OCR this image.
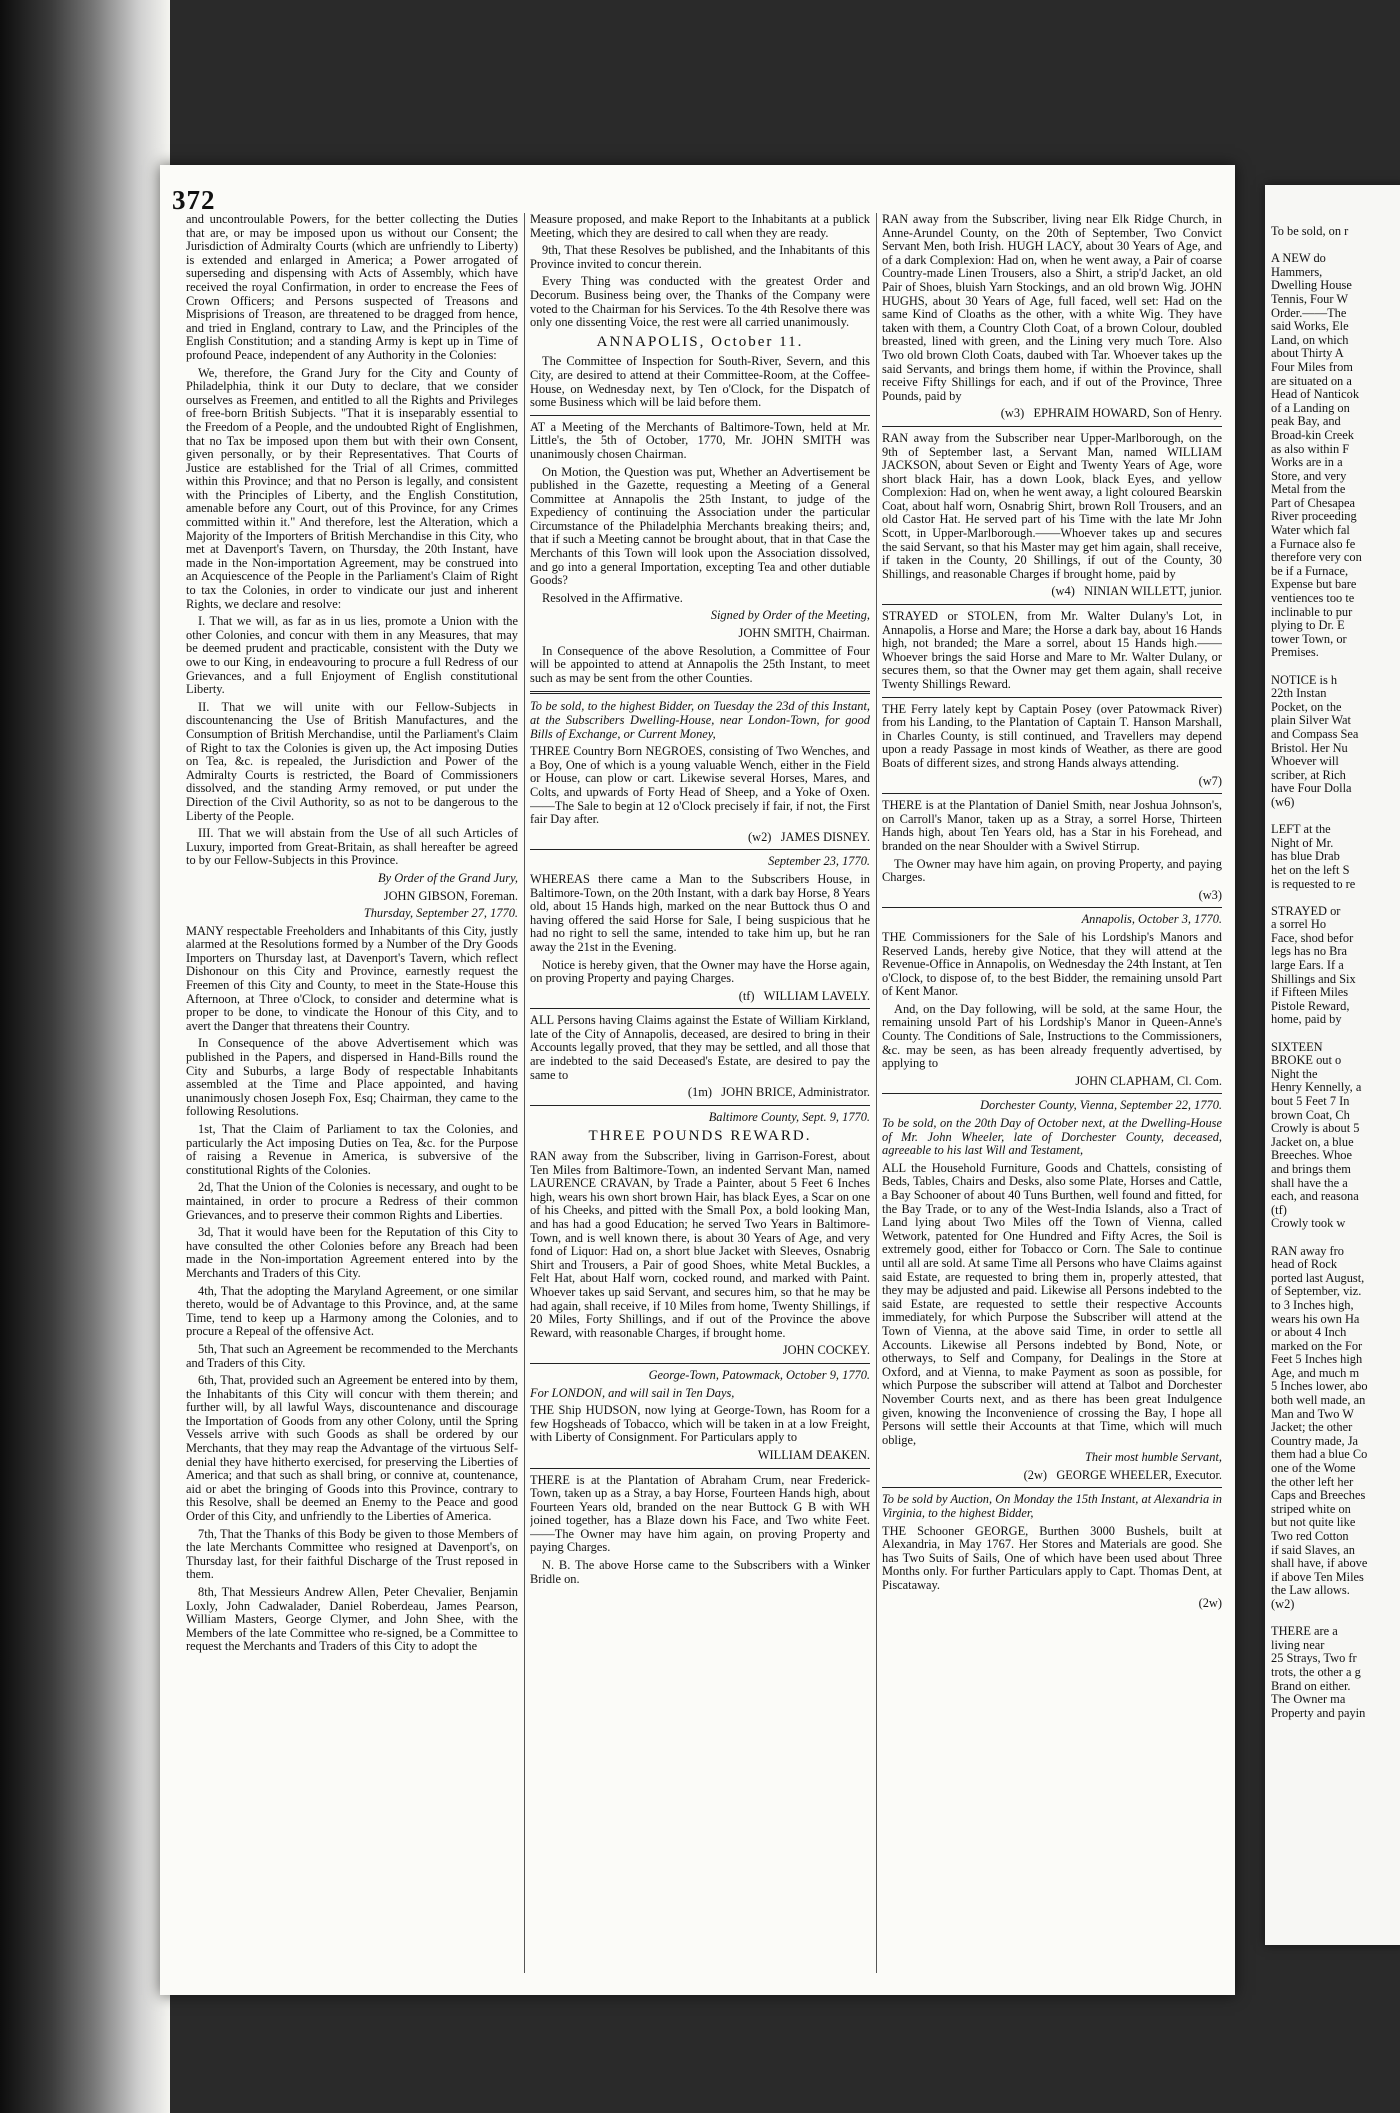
372

and uncontroulable Powers, for the better collecting the Duties that are, or may be imposed upon us without our Consent; the Jurisdiction of Admiralty Courts (which are unfriendly to Liberty) is extended and enlarged in America; a Power arrogated of superseding and dispensing with Acts of Assembly, which have received the royal Confirmation, in order to encrease the Fees of Crown Officers; and Persons suspected of Treasons and Misprisions of Treason, are threatened to be dragged from hence, and tried in England, contrary to Law, and the Principles of the English Constitution; and a standing Army is kept up in Time of profound Peace, independent of any Authority in the Colonies:

We, therefore, the Grand Jury for the City and County of Philadelphia, think it our Duty to declare, that we consider ourselves as Freemen, and entitled to all the Rights and Privileges of free-born British Subjects. "That it is inseparably essential to the Freedom of a People, and the undoubted Right of Englishmen, that no Tax be imposed upon them but with their own Consent, given personally, or by their Representatives. That Courts of Justice are established for the Trial of all Crimes, committed within this Province; and that no Person is legally, and consistent with the Principles of Liberty, and the English Constitution, amenable before any Court, out of this Province, for any Crimes committed within it." And therefore, lest the Alteration, which a Majority of the Importers of British Merchandise in this City, who met at Davenport's Tavern, on Thursday, the 20th Instant, have made in the Non-importation Agreement, may be construed into an Acquiescence of the People in the Parliament's Claim of Right to tax the Colonies, in order to vindicate our just and inherent Rights, we declare and resolve:

I. That we will, as far as in us lies, promote a Union with the other Colonies, and concur with them in any Measures, that may be deemed prudent and practicable, consistent with the Duty we owe to our King, in endeavouring to procure a full Redress of our Grievances, and a full Enjoyment of English constitutional Liberty.

II. That we will unite with our Fellow-Subjects in discountenancing the Use of British Manufactures, and the Consumption of British Merchandise, until the Parliament's Claim of Right to tax the Colonies is given up, the Act imposing Duties on Tea, &c. is repealed, the Jurisdiction and Power of the Admiralty Courts is restricted, the Board of Commissioners dissolved, and the standing Army removed, or put under the Direction of the Civil Authority, so as not to be dangerous to the Liberty of the People.

III. That we will abstain from the Use of all such Articles of Luxury, imported from Great-Britain, as shall hereafter be agreed to by our Fellow-Subjects in this Province.

By Order of the Grand Jury,

JOHN GIBSON, Foreman.

Thursday, September 27, 1770.

MANY respectable Freeholders and Inhabitants of this City, justly alarmed at the Resolutions formed by a Number of the Dry Goods Importers on Thursday last, at Davenport's Tavern, which reflect Dishonour on this City and Province, earnestly request the Freemen of this City and County, to meet in the State-House this Afternoon, at Three o'Clock, to consider and determine what is proper to be done, to vindicate the Honour of this City, and to avert the Danger that threatens their Country.

In Consequence of the above Advertisement which was published in the Papers, and dispersed in Hand-Bills round the City and Suburbs, a large Body of respectable Inhabitants assembled at the Time and Place appointed, and having unanimously chosen Joseph Fox, Esq; Chairman, they came to the following Resolutions.

1st, That the Claim of Parliament to tax the Colonies, and particularly the Act imposing Duties on Tea, &c. for the Purpose of raising a Revenue in America, is subversive of the constitutional Rights of the Colonies.

2d, That the Union of the Colonies is necessary, and ought to be maintained, in order to procure a Redress of their common Grievances, and to preserve their common Rights and Liberties.

3d, That it would have been for the Reputation of this City to have consulted the other Colonies before any Breach had been made in the Non-importation Agreement entered into by the Merchants and Traders of this City.

4th, That the adopting the Maryland Agreement, or one similar thereto, would be of Advantage to this Province, and, at the same Time, tend to keep up a Harmony among the Colonies, and to procure a Repeal of the offensive Act.

5th, That such an Agreement be recommended to the Merchants and Traders of this City.

6th, That, provided such an Agreement be entered into by them, the Inhabitants of this City will concur with them therein; and further will, by all lawful Ways, discountenance and discourage the Importation of Goods from any other Colony, until the Spring Vessels arrive with such Goods as shall be ordered by our Merchants, that they may reap the Advantage of the virtuous Self-denial they have hitherto exercised, for preserving the Liberties of America; and that such as shall bring, or connive at, countenance, aid or abet the bringing of Goods into this Province, contrary to this Resolve, shall be deemed an Enemy to the Peace and good Order of this City, and unfriendly to the Liberties of America.

7th, That the Thanks of this Body be given to those Members of the late Merchants Committee who resigned at Davenport's, on Thursday last, for their faithful Discharge of the Trust reposed in them.

8th, That Messieurs Andrew Allen, Peter Chevalier, Benjamin Loxly, John Cadwalader, Daniel Roberdeau, James Pearson, William Masters, George Clymer, and John Shee, with the Members of the late Committee who re-signed, be a Committee to request the Merchants and Traders of this City to adopt the

Measure proposed, and make Report to the Inhabitants at a publick Meeting, which they are desired to call when they are ready.

9th, That these Resolves be published, and the Inhabitants of this Province invited to concur therein.

Every Thing was conducted with the greatest Order and Decorum. Business being over, the Thanks of the Company were voted to the Chairman for his Services. To the 4th Resolve there was only one dissenting Voice, the rest were all carried unanimously.

ANNAPOLIS, October 11.

The Committee of Inspection for South-River, Severn, and this City, are desired to attend at their Committee-Room, at the Coffee-House, on Wednesday next, by Ten o'Clock, for the Dispatch of some Business which will be laid before them.

AT a Meeting of the Merchants of Baltimore-Town, held at Mr. Little's, the 5th of October, 1770, Mr. JOHN SMITH was unanimously chosen Chairman.

On Motion, the Question was put, Whether an Advertisement be published in the Gazette, requesting a Meeting of a General Committee at Annapolis the 25th Instant, to judge of the Expediency of continuing the Association under the particular Circumstance of the Philadelphia Merchants breaking theirs; and, that if such a Meeting cannot be brought about, that in that Case the Merchants of this Town will look upon the Association dissolved, and go into a general Importation, excepting Tea and other dutiable Goods?

Resolved in the Affirmative.

Signed by Order of the Meeting,

JOHN SMITH, Chairman.

In Consequence of the above Resolution, a Committee of Four will be appointed to attend at Annapolis the 25th Instant, to meet such as may be sent from the other Counties.

To be sold, to the highest Bidder, on Tuesday the 23d of this Instant, at the Subscribers Dwelling-House, near London-Town, for good Bills of Exchange, or Current Money,

THREE Country Born NEGROES, consisting of Two Wenches, and a Boy, One of which is a young valuable Wench, either in the Field or House, can plow or cart. Likewise several Horses, Mares, and Colts, and upwards of Forty Head of Sheep, and a Yoke of Oxen.——The Sale to begin at 12 o'Clock precisely if fair, if not, the First fair Day after.

(w2) JAMES DISNEY.

September 23, 1770.

WHEREAS there came a Man to the Subscribers House, in Baltimore-Town, on the 20th Instant, with a dark bay Horse, 8 Years old, about 15 Hands high, marked on the near Buttock thus O and having offered the said Horse for Sale, I being suspicious that he had no right to sell the same, intended to take him up, but he ran away the 21st in the Evening.

Notice is hereby given, that the Owner may have the Horse again, on proving Property and paying Charges.

(tf) WILLIAM LAVELY.

ALL Persons having Claims against the Estate of William Kirkland, late of the City of Annapolis, deceased, are desired to bring in their Accounts legally proved, that they may be settled, and all those that are indebted to the said Deceased's Estate, are desired to pay the same to

(1m) JOHN BRICE, Administrator.

Baltimore County, Sept. 9, 1770.

THREE POUNDS REWARD.

RAN away from the Subscriber, living in Garrison-Forest, about Ten Miles from Baltimore-Town, an indented Servant Man, named LAURENCE CRAVAN, by Trade a Painter, about 5 Feet 6 Inches high, wears his own short brown Hair, has black Eyes, a Scar on one of his Cheeks, and pitted with the Small Pox, a bold looking Man, and has had a good Education; he served Two Years in Baltimore-Town, and is well known there, is about 30 Years of Age, and very fond of Liquor: Had on, a short blue Jacket with Sleeves, Osnabrig Shirt and Trousers, a Pair of good Shoes, white Metal Buckles, a Felt Hat, about Half worn, cocked round, and marked with Paint. Whoever takes up said Servant, and secures him, so that he may be had again, shall receive, if 10 Miles from home, Twenty Shillings, if 20 Miles, Forty Shillings, and if out of the Province the above Reward, with reasonable Charges, if brought home.

JOHN COCKEY.

George-Town, Patowmack, October 9, 1770.

For LONDON, and will sail in Ten Days,

THE Ship HUDSON, now lying at George-Town, has Room for a few Hogsheads of Tobacco, which will be taken in at a low Freight, with Liberty of Consignment. For Particulars apply to

WILLIAM DEAKEN.

THERE is at the Plantation of Abraham Crum, near Frederick-Town, taken up as a Stray, a bay Horse, Fourteen Hands high, about Fourteen Years old, branded on the near Buttock G B with WH joined together, has a Blaze down his Face, and Two white Feet.——The Owner may have him again, on proving Property and paying Charges.

N. B. The above Horse came to the Subscribers with a Winker Bridle on.

RAN away from the Subscriber, living near Elk Ridge Church, in Anne-Arundel County, on the 20th of September, Two Convict Servant Men, both Irish. HUGH LACY, about 30 Years of Age, and of a dark Complexion: Had on, when he went away, a Pair of coarse Country-made Linen Trousers, also a Shirt, a strip'd Jacket, an old Pair of Shoes, bluish Yarn Stockings, and an old brown Wig. JOHN HUGHS, about 30 Years of Age, full faced, well set: Had on the same Kind of Cloaths as the other, with a white Wig. They have taken with them, a Country Cloth Coat, of a brown Colour, doubled breasted, lined with green, and the Lining very much Tore. Also Two old brown Cloth Coats, daubed with Tar. Whoever takes up the said Servants, and brings them home, if within the Province, shall receive Fifty Shillings for each, and if out of the Province, Three Pounds, paid by

(w3) EPHRAIM HOWARD, Son of Henry.

RAN away from the Subscriber near Upper-Marlborough, on the 9th of September last, a Servant Man, named WILLIAM JACKSON, about Seven or Eight and Twenty Years of Age, wore short black Hair, has a down Look, black Eyes, and yellow Complexion: Had on, when he went away, a light coloured Bearskin Coat, about half worn, Osnabrig Shirt, brown Roll Trousers, and an old Castor Hat. He served part of his Time with the late Mr John Scott, in Upper-Marlborough.——Whoever takes up and secures the said Servant, so that his Master may get him again, shall receive, if taken in the County, 20 Shillings, if out of the County, 30 Shillings, and reasonable Charges if brought home, paid by

(w4) NINIAN WILLETT, junior.

STRAYED or STOLEN, from Mr. Walter Dulany's Lot, in Annapolis, a Horse and Mare; the Horse a dark bay, about 16 Hands high, not branded; the Mare a sorrel, about 15 Hands high.——Whoever brings the said Horse and Mare to Mr. Walter Dulany, or secures them, so that the Owner may get them again, shall receive Twenty Shillings Reward.

THE Ferry lately kept by Captain Posey (over Patowmack River) from his Landing, to the Plantation of Captain T. Hanson Marshall, in Charles County, is still continued, and Travellers may depend upon a ready Passage in most kinds of Weather, as there are good Boats of different sizes, and strong Hands always attending.

(w7)

THERE is at the Plantation of Daniel Smith, near Joshua Johnson's, on Carroll's Manor, taken up as a Stray, a sorrel Horse, Thirteen Hands high, about Ten Years old, has a Star in his Forehead, and branded on the near Shoulder with a Swivel Stirrup.

The Owner may have him again, on proving Property, and paying Charges.

(w3)

Annapolis, October 3, 1770.

THE Commissioners for the Sale of his Lordship's Manors and Reserved Lands, hereby give Notice, that they will attend at the Revenue-Office in Annapolis, on Wednesday the 24th Instant, at Ten o'Clock, to dispose of, to the best Bidder, the remaining unsold Part of Kent Manor.

And, on the Day following, will be sold, at the same Hour, the remaining unsold Part of his Lordship's Manor in Queen-Anne's County. The Conditions of Sale, Instructions to the Commissioners, &c. may be seen, as has been already frequently advertised, by applying to

JOHN CLAPHAM, Cl. Com.

Dorchester County, Vienna, September 22, 1770.

To be sold, on the 20th Day of October next, at the Dwelling-House of Mr. John Wheeler, late of Dorchester County, deceased, agreeable to his last Will and Testament,

ALL the Household Furniture, Goods and Chattels, consisting of Beds, Tables, Chairs and Desks, also some Plate, Horses and Cattle, a Bay Schooner of about 40 Tuns Burthen, well found and fitted, for the Bay Trade, or to any of the West-India Islands, also a Tract of Land lying about Two Miles off the Town of Vienna, called Wetwork, patented for One Hundred and Fifty Acres, the Soil is extremely good, either for Tobacco or Corn. The Sale to continue until all are sold. At same Time all Persons who have Claims against said Estate, are requested to bring them in, properly attested, that they may be adjusted and paid. Likewise all Persons indebted to the said Estate, are requested to settle their respective Accounts immediately, for which Purpose the Subscriber will attend at the Town of Vienna, at the above said Time, in order to settle all Accounts. Likewise all Persons indebted by Bond, Note, or otherways, to Self and Company, for Dealings in the Store at Oxford, and at Vienna, to make Payment as soon as possible, for which Purpose the subscriber will attend at Talbot and Dorchester November Courts next, and as there has been great Indulgence given, knowing the Inconvenience of crossing the Bay, I hope all Persons will settle their Accounts at that Time, which will much oblige,

Their most humble Servant,

(2w) GEORGE WHEELER, Executor.

To be sold by Auction, On Monday the 15th Instant, at Alexandria in Virginia, to the highest Bidder,

THE Schooner GEORGE, Burthen 3000 Bushels, built at Alexandria, in May 1767. Her Stores and Materials are good. She has Two Suits of Sails, One of which have been used about Three Months only. For further Particulars apply to Capt. Thomas Dent, at Piscataway.

(2w)

To be sold, on r
A NEW do
Hammers,
Dwelling House
Tennis, Four W
Order.——The
said Works, Ele
Land, on which
about Thirty A
Four Miles from
are situated on a
Head of Nanticok
of a Landing on
peak Bay, and
Broad-kin Creek
as also within F
Works are in a
Store, and very
Metal from the
Part of Chesapea
River proceeding
Water which fal
a Furnace also fe
therefore very con
be if a Furnace,
Expense but bare
ventiences too te
inclinable to pur
plying to Dr. E
tower Town, or
Premises.
NOTICE is h
22th Instan
Pocket, on the
plain Silver Wat
and Compass Sea
Bristol. Her Nu
Whoever will
scriber, at Rich
have Four Dolla
(w6)
LEFT at the
Night of Mr.
has blue Drab
het on the left S
is requested to re
STRAYED or
a sorrel Ho
Face, shod befor
legs has no Bra
large Ears. If a
Shillings and Six
if Fifteen Miles
Pistole Reward,
home, paid by
SIXTEEN
BROKE out o
Night the
Henry Kennelly, a
bout 5 Feet 7 In
brown Coat, Ch
Crowly is about 5
Jacket on, a blue
Breeches. Whoe
and brings them
shall have the a
each, and reasona
(tf)
Crowly took w
RAN away fro
head of Rock
ported last August,
of September, viz.
to 3 Inches high,
wears his own Ha
or about 4 Inch
marked on the For
Feet 5 Inches high
Age, and much m
5 Inches lower, abo
both well made, an
Man and Two W
Jacket; the other
Country made, Ja
them had a blue Co
one of the Wome
the other left her
Caps and Breeches
striped white on
but not quite like
Two red Cotton
if said Slaves, an
shall have, if above
if above Ten Miles
the Law allows.
(w2)
THERE are a
living near
25 Strays, Two fr
trots, the other a g
Brand on either.
The Owner ma
Property and payin
